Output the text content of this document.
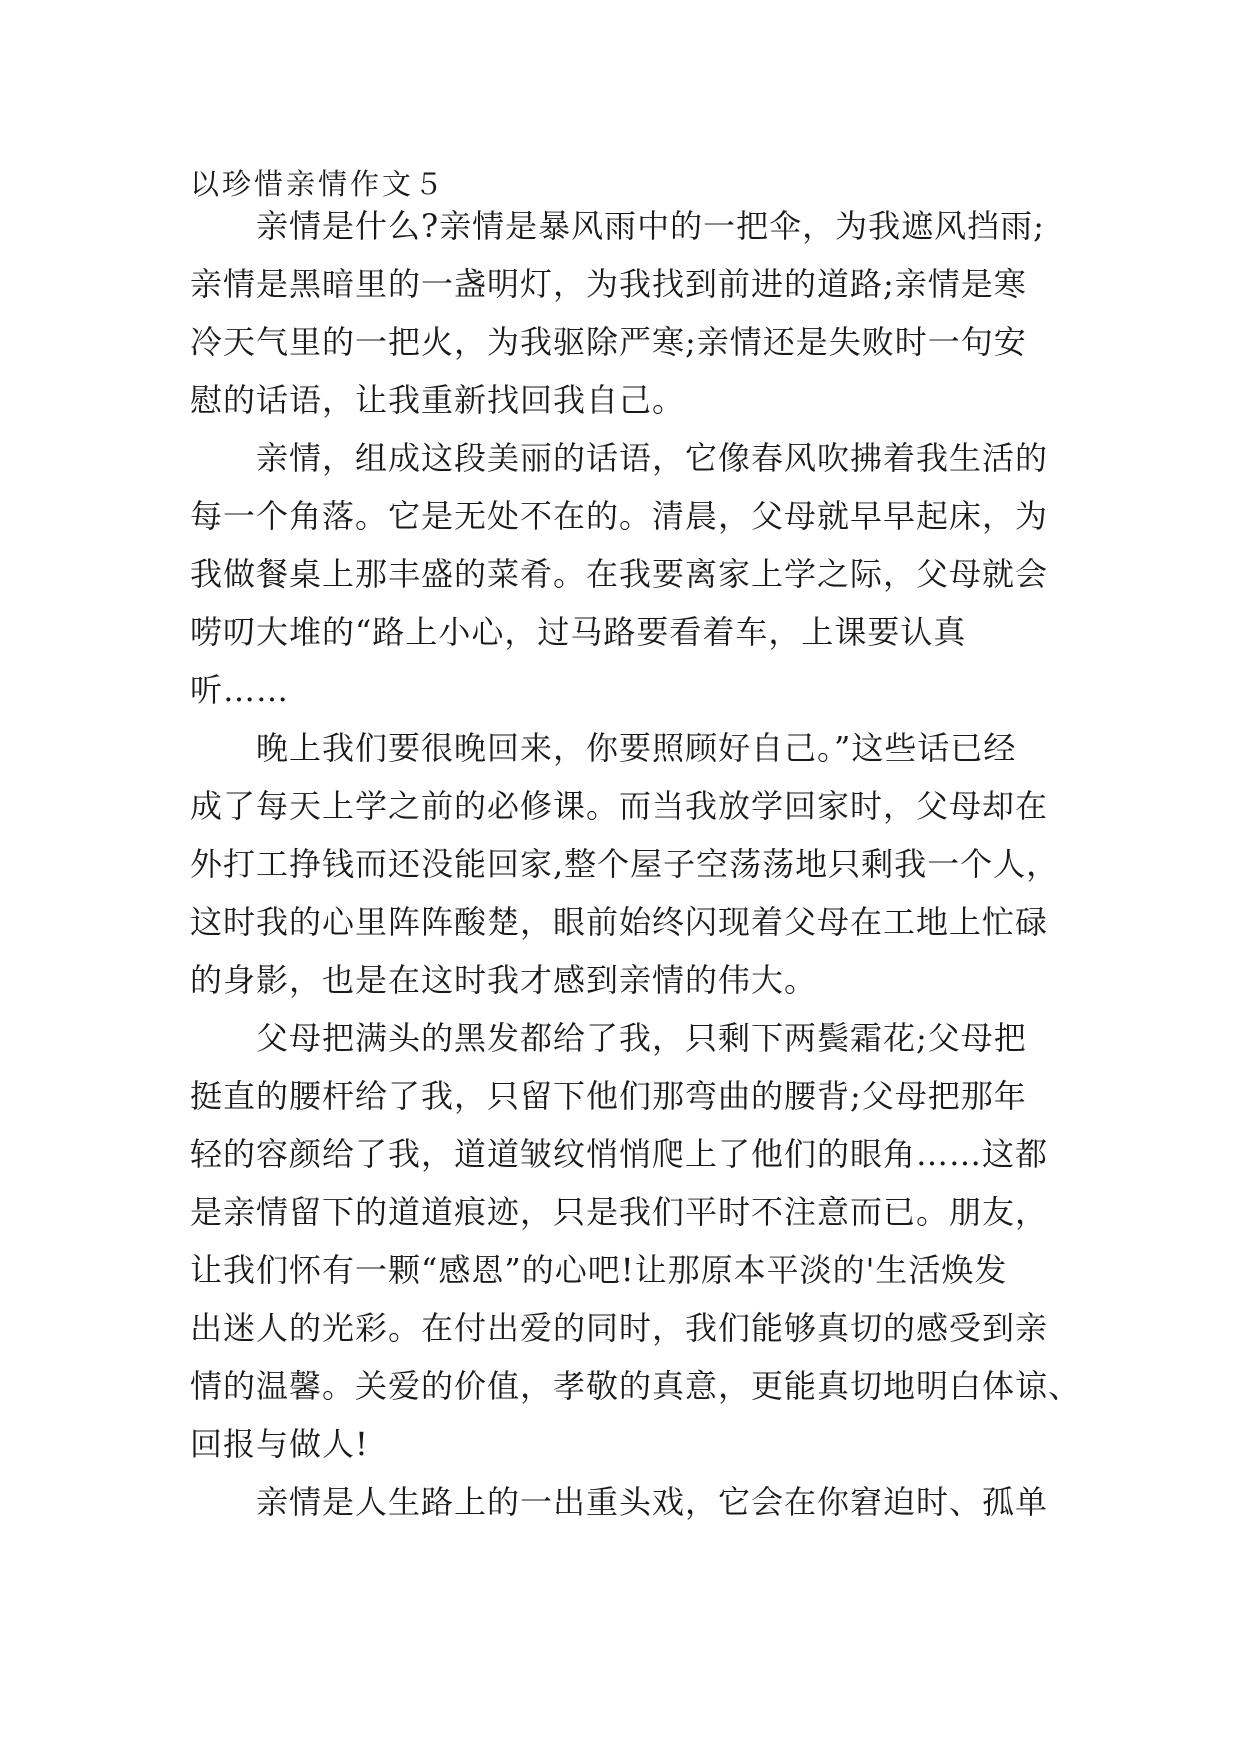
以珍惜亲情作文５

亲情是什么?亲情是暴风雨中的一把伞，为我遮风挡雨;
亲情是黑暗里的一盏明灯，为我找到前进的道路;亲情是寒
冷天气里的一把火，为我驱除严寒;亲情还是失败时一句安
慰的话语，让我重新找回我自己。

亲情，组成这段美丽的话语，它像春风吹拂着我生活的
每一个角落。它是无处不在的。清晨，父母就早早起床，为
我做餐桌上那丰盛的菜肴。在我要离家上学之际，父母就会
唠叨大堆的“路上小心，过马路要看着车，上课要认真
听……

晚上我们要很晚回来，你要照顾好自己。”这些话已经
成了每天上学之前的必修课。而当我放学回家时，父母却在
外打工挣钱而还没能回家,整个屋子空荡荡地只剩我一个人，
这时我的心里阵阵酸楚，眼前始终闪现着父母在工地上忙碌
的身影，也是在这时我才感到亲情的伟大。

父母把满头的黑发都给了我，只剩下两鬓霜花;父母把
挺直的腰杆给了我，只留下他们那弯曲的腰背;父母把那年
轻的容颜给了我，道道皱纹悄悄爬上了他们的眼角……这都
是亲情留下的道道痕迹，只是我们平时不注意而已。朋友，
让我们怀有一颗“感恩”的心吧!让那原本平淡的'生活焕发
出迷人的光彩。在付出爱的同时，我们能够真切的感受到亲
情的温馨。关爱的价值，孝敬的真意，更能真切地明白体谅、
回报与做人!

亲情是人生路上的一出重头戏，它会在你窘迫时、孤单
